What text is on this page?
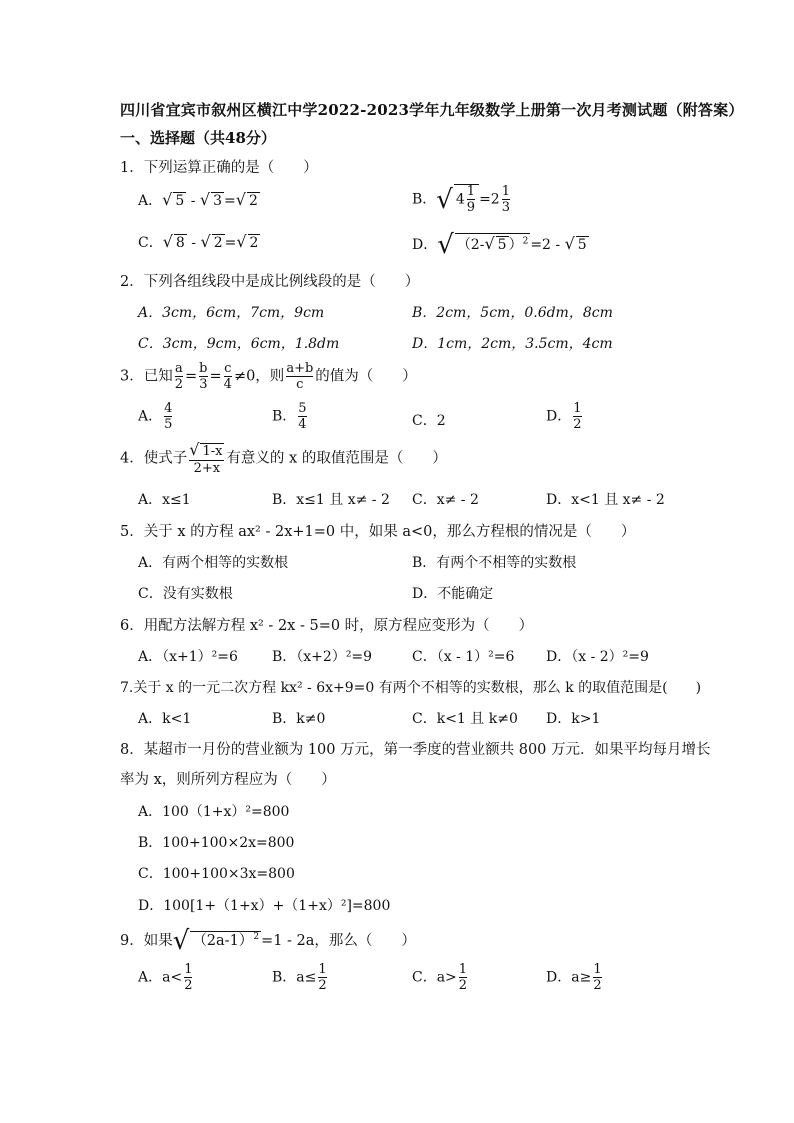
四川省宜宾市叙州区横江中学2022-2023学年九年级数学上册第一次月考测试题（附答案）
一、选择题（共48分）
1．下列运算正确的是（　　）
A．√ 5 - √ 3 =√ 2	B．√ $4 \frac{1}{9} =2 \frac{1}{3}$
C．√ 8 - √ 2 =√ 2	D．√ （2-√ 5 ）$^2$ =2 - √ 5
2．下列各组线段中是成比例线段的是（　　）
A．3cm，6cm，7cm，9cm	B．2cm，5cm，0.6dm，8cm
C．3cm，9cm，6cm，1.8dm	D．1cm，2cm，3.5cm，4cm
3．已知 $\frac{a}{2} = \frac{b}{3} = \frac{c}{4} \ne 0$，则 $\frac{a+b}{c}$ 的值为（　　）
A． $\frac{4}{5}$	B． $\frac{5}{4}$	C．2	D． $\frac{1}{2}$
4．使式子 $\frac{√ 1-x}{2+x}$ 有意义的 x 的取值范围是（　　）
A．x≤1	B．x≤1 且 x≠ - 2 C．x≠ - 2	D．x<1 且 x≠ - 2
5．关于 x 的方程 ax² - 2x+1=0 中，如果 a<0，那么方程根的情况是（　　）
A．有两个相等的实数根	B．有两个不相等的实数根
C．没有实数根	D．不能确定
6．用配方法解方程 x² - 2x - 5=0 时，原方程应变形为（　　）
A．（x+1）²=6 B．（x+2）²=9	C．（x - 1）²=6 D．（x - 2）²=9
7.关于 x 的一元二次方程 kx² - 6x+9=0 有两个不相等的实数根，那么 k 的取值范围是(　　)
A．k<1	B．k≠0	C．k<1 且 k≠0 D．k>1
8．某超市一月份的营业额为 100 万元，第一季度的营业额共 800 万元．如果平均每月增长
率为 x，则所列方程应为（　　）
A．100（1+x）²=800
B．100+100×2x=800
C．100+100×3x=800
D．100[1+（1+x）+（1+x）²]=800
9．如果√ $(2a-1)^2 =1 - 2a$，那么（　　）
A．$a< \frac{1}{2}$	B．$a\le \frac{1}{2}$	C．$a> \frac{1}{2}$	D．$a\ge \frac{1}{2}$
